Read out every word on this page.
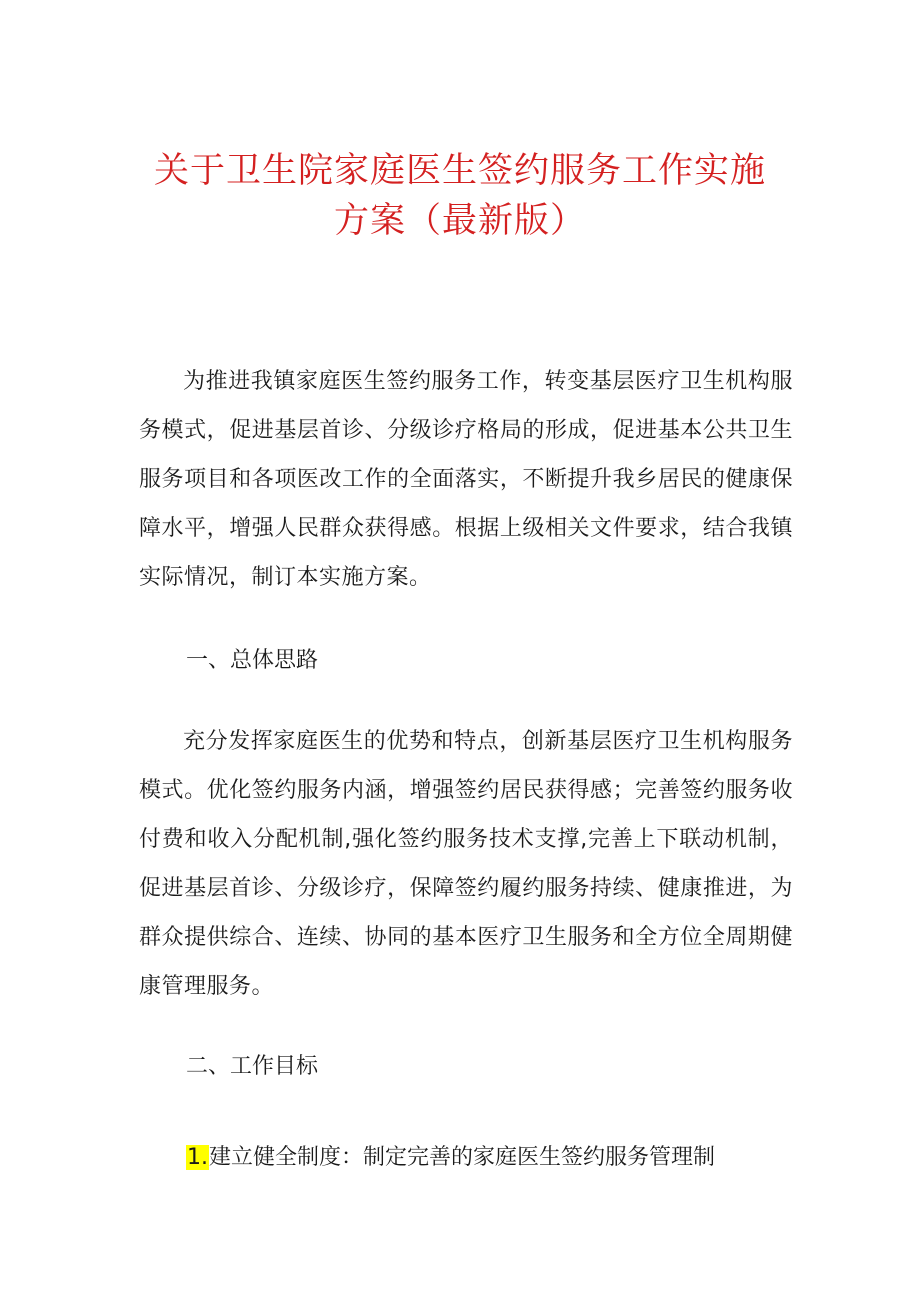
关于卫生院家庭医生签约服务工作实施
方案（最新版）

为推进我镇家庭医生签约服务工作，转变基层医疗卫生机构服务模式，促进基层首诊、分级诊疗格局的形成，促进基本公共卫生服务项目和各项医改工作的全面落实，不断提升我乡居民的健康保障水平，增强人民群众获得感。根据上级相关文件要求，结合我镇实际情况，制订本实施方案。

一、总体思路

充分发挥家庭医生的优势和特点，创新基层医疗卫生机构服务模式。优化签约服务内涵，增强签约居民获得感；完善签约服务收付费和收入分配机制,强化签约服务技术支撑,完善上下联动机制，促进基层首诊、分级诊疗，保障签约履约服务持续、健康推进，为群众提供综合、连续、协同的基本医疗卫生服务和全方位全周期健康管理服务。

二、工作目标
1.建立健全制度：制定完善的家庭医生签约服务管理制
